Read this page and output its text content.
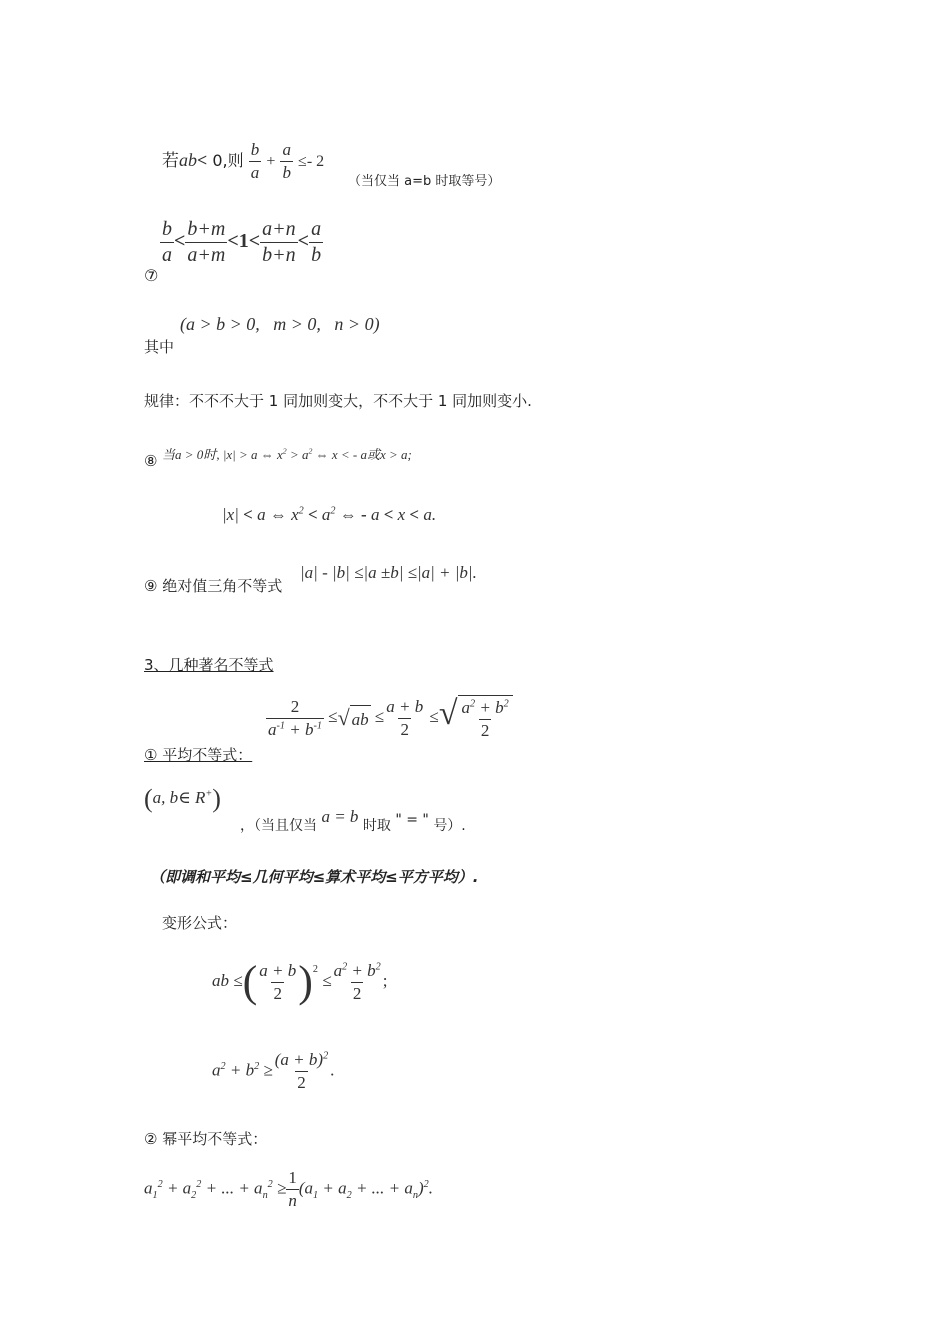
若ab< 0,则 $\frac{b}{a} + \frac{a}{b} \le- 2$
（当仅当 a=b 时取等号）
$\frac{b}{a} < \frac{b+m}{a+m} <1< \frac{a+n}{b+n} < \frac{a}{b}$
⑦
(a > b > 0,   m > 0,   n > 0)
其中
规律：不不不大于 1 同加则变大，不不大于 1 同加则变小.
⑧ 当a > 0时, |x| > a ⇔ $x^2 > a^2$ ⇔ x < - a或x > a;
|x| < a ⇔ $x^2 < a^2$ ⇔ - a < x < a.
⑨ 绝对值三角不等式
|a| - |b| ≤|a ±b| ≤|a| + |b|.
3、几种著名不等式
$\frac{2}{a^{-1} + b^{-1}}$ ≤ √ ab ≤ $\frac{a + b}{2}$ ≤ √ $\frac{a^2 + b^2}{2}$
① 平均不等式：
(a, b∈ R+)
，（当且仅当 a = b 时取 " = " 号）.
（即调和平均≤几何平均≤算术平均≤平方平均）.
变形公式：
ab ≤( $\frac{a + b}{2} )^2 \le \frac{a^2 + b^2}{2}$ ;
$a^2 + b^2 \ge \frac{(a + b)^2}{2}$ .
② 幂平均不等式：
$a_1^2 + a_2^2$ + ... + $a_n^2 \ge \frac{1}{n} (a_1 + a_2$ + ... + $a_n)^2$.
